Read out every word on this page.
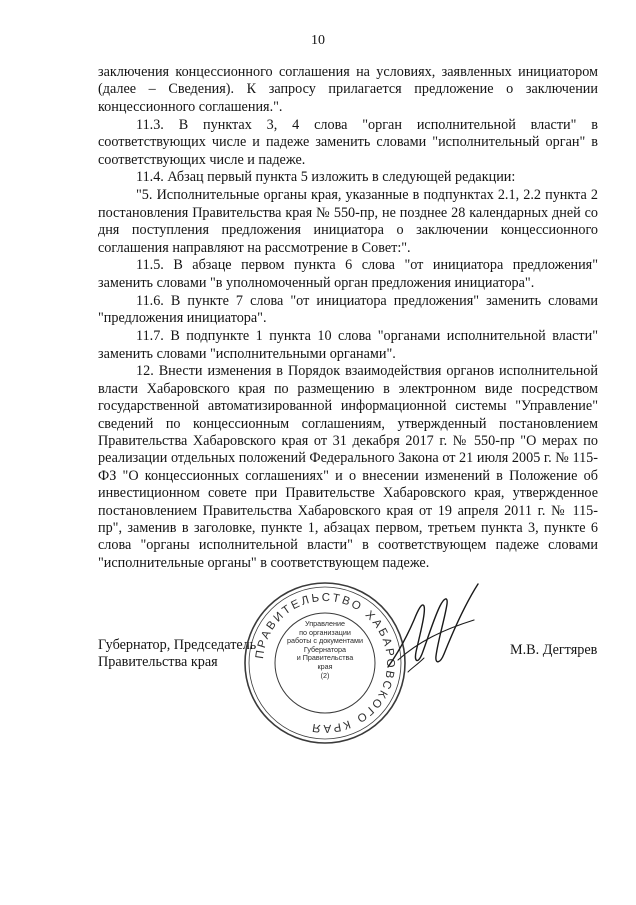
10

заключения концессионного соглашения на условиях, заявленных инициатором (далее – Сведения). К запросу прилагается предложение о заключении концессионного соглашения.".

11.3. В пунктах 3, 4 слова "орган исполнительной власти" в соответствующих числе и падеже заменить словами "исполнительный орган" в соответствующих числе и падеже.

11.4. Абзац первый пункта 5 изложить в следующей редакции:

"5. Исполнительные органы края, указанные в подпунктах 2.1, 2.2 пункта 2 постановления Правительства края № 550-пр, не позднее 28 календарных дней со дня поступления предложения инициатора о заключении концессионного соглашения направляют на рассмотрение в Совет:".

11.5. В абзаце первом пункта 6 слова "от инициатора предложения" заменить словами "в уполномоченный орган предложения инициатора".

11.6. В пункте 7 слова "от инициатора предложения" заменить словами "предложения инициатора".

11.7. В подпункте 1 пункта 10 слова "органами исполнительной власти" заменить словами "исполнительными органами".

12. Внести изменения в Порядок взаимодействия органов исполнительной власти Хабаровского края по размещению в электронном виде посредством государственной автоматизированной информационной системы "Управление" сведений по концессионным соглашениям, утвержденный постановлением Правительства Хабаровского края от 31 декабря 2017 г. № 550-пр "О мерах по реализации отдельных положений Федерального Закона от 21 июля 2005 г. № 115-ФЗ "О концессионных соглашениях" и о внесении изменений в Положение об инвестиционном совете при Правительстве Хабаровского края, утвержденное постановлением Правительства Хабаровского края от 19 апреля 2011 г. № 115-пр", заменив в заголовке, пункте 1, абзацах первом, третьем пункта 3, пункте 6 слова "органы исполнительной власти" в соответствующем падеже словами "исполнительные органы" в соответствующем падеже.

Губернатор, Председатель
Правительства края
ПРАВИТЕЛЬСТВО ХАБАРОВСКОГО КРАЯ
Управление
по организации
работы с документами
Губернатора
и Правительства
края
(2)
М.В. Дегтярев
